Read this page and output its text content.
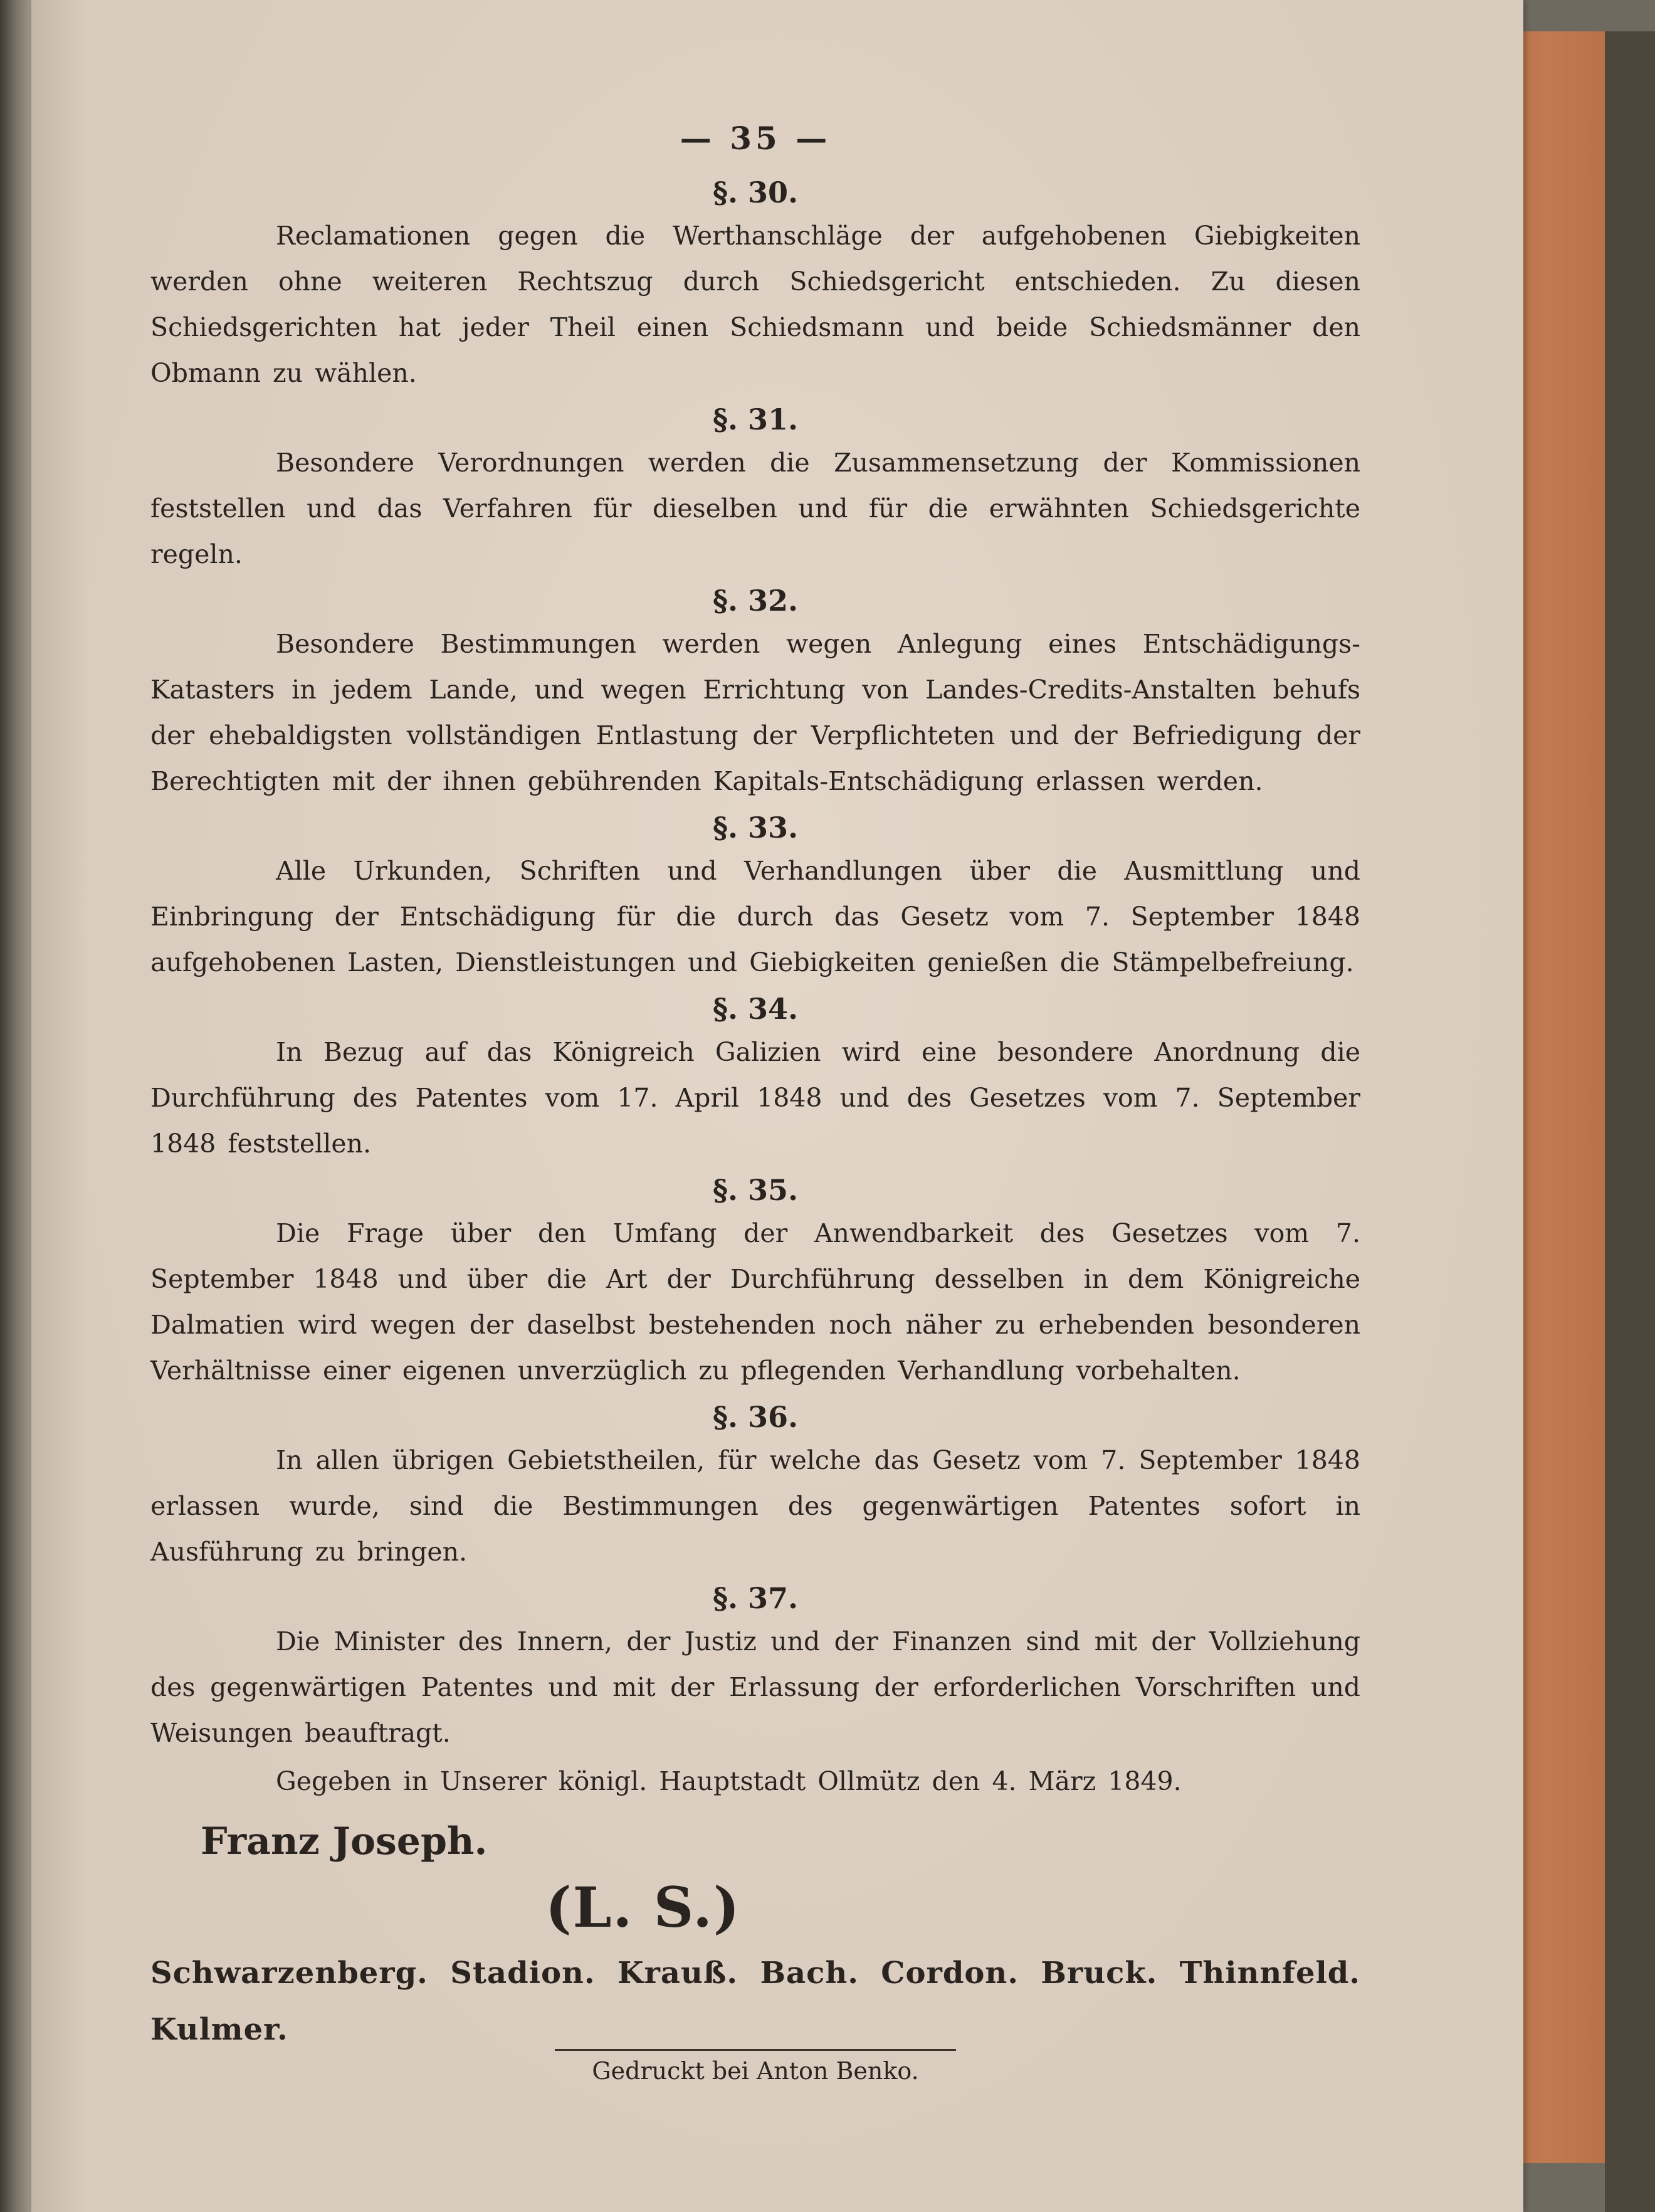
— 35 —
§. 30.

Reclamationen gegen die Werthanschläge der aufgehobenen Giebigkeiten werden ohne weiteren Rechtszug durch Schiedsgericht entschieden. Zu diesen Schiedsgerichten hat jeder Theil einen Schiedsmann und beide Schiedsmänner den Obmann zu wählen.

§. 31.

Besondere Verordnungen werden die Zusammensetzung der Kommissionen feststellen und das Verfahren für dieselben und für die erwähnten Schiedsgerichte regeln.

§. 32.

Besondere Bestimmungen werden wegen Anlegung eines Entschädigungs-Katasters in jedem Lande, und wegen Errichtung von Landes-Credits-Anstalten behufs der ehebaldigsten vollständigen Entlastung der Verpflichteten und der Befriedigung der Berechtigten mit der ihnen gebührenden Kapitals-Entschädigung erlassen werden.

§. 33.

Alle Urkunden, Schriften und Verhandlungen über die Ausmittlung und Einbringung der Entschädigung für die durch das Gesetz vom 7. September 1848 aufgehobenen Lasten, Dienstleistungen und Giebigkeiten genießen die Stämpelbefreiung.

§. 34.

In Bezug auf das Königreich Galizien wird eine besondere Anordnung die Durchführung des Patentes vom 17. April 1848 und des Gesetzes vom 7. September 1848 feststellen.

§. 35.

Die Frage über den Umfang der Anwendbarkeit des Gesetzes vom 7. September 1848 und über die Art der Durchführung desselben in dem Königreiche Dalmatien wird wegen der daselbst bestehenden noch näher zu erhebenden besonderen Verhältnisse einer eigenen unverzüglich zu pflegenden Verhandlung vorbehalten.

§. 36.

In allen übrigen Gebietstheilen, für welche das Gesetz vom 7. September 1848 erlassen wurde, sind die Bestimmungen des gegenwärtigen Patentes sofort in Ausführung zu bringen.

§. 37.

Die Minister des Innern, der Justiz und der Finanzen sind mit der Vollziehung des gegenwärtigen Patentes und mit der Erlassung der erforderlichen Vorschriften und Weisungen beauftragt.

Gegeben in Unserer königl. Hauptstadt Ollmütz den 4. März 1849.

Franz Joseph.
(L. S.)
Schwarzenberg. Stadion. Krauß. Bach. Cordon. Bruck. Thinnfeld. Kulmer.
Gedruckt bei Anton Benko.
